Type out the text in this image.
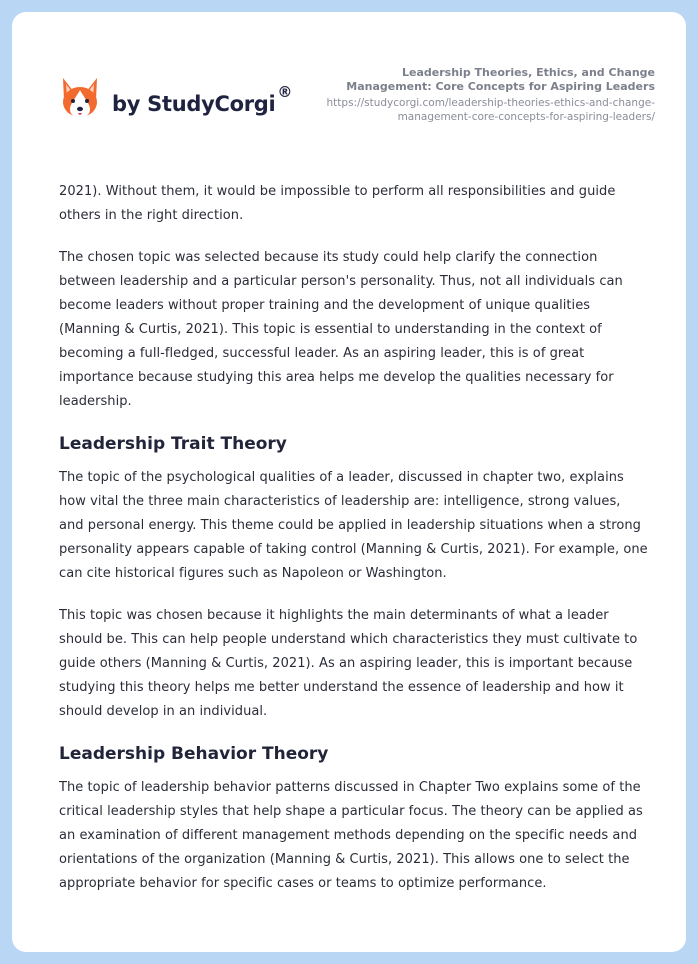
by StudyCorgi ®
Leadership Theories, Ethics, and Change Management: Core Concepts for Aspiring Leaders
https://studycorgi.com/leadership-theories-ethics-and-change-management-core-concepts-for-aspiring-leaders/

2021). Without them, it would be impossible to perform all responsibilities and guide others in the right direction.

The chosen topic was selected because its study could help clarify the connection between leadership and a particular person's personality. Thus, not all individuals can become leaders without proper training and the development of unique qualities (Manning & Curtis, 2021). This topic is essential to understanding in the context of becoming a full-fledged, successful leader. As an aspiring leader, this is of great importance because studying this area helps me develop the qualities necessary for leadership.

Leadership Trait Theory

The topic of the psychological qualities of a leader, discussed in chapter two, explains how vital the three main characteristics of leadership are: intelligence, strong values, and personal energy. This theme could be applied in leadership situations when a strong personality appears capable of taking control (Manning & Curtis, 2021). For example, one can cite historical figures such as Napoleon or Washington.

This topic was chosen because it highlights the main determinants of what a leader should be. This can help people understand which characteristics they must cultivate to guide others (Manning & Curtis, 2021). As an aspiring leader, this is important because studying this theory helps me better understand the essence of leadership and how it should develop in an individual.

Leadership Behavior Theory

The topic of leadership behavior patterns discussed in Chapter Two explains some of the critical leadership styles that help shape a particular focus. The theory can be applied as an examination of different management methods depending on the specific needs and orientations of the organization (Manning & Curtis, 2021). This allows one to select the appropriate behavior for specific cases or teams to optimize performance.
